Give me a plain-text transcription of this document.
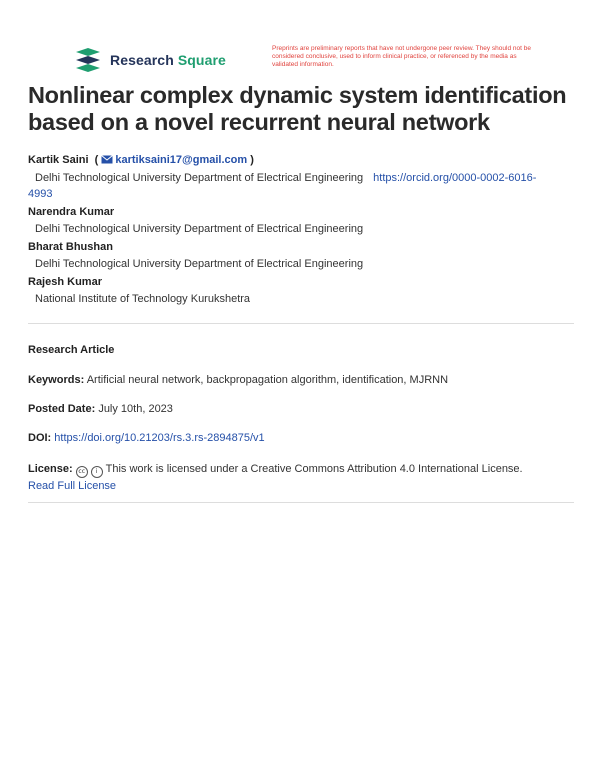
Research Square
Preprints are preliminary reports that have not undergone peer review. They should not be considered conclusive, used to inform clinical practice, or referenced by the media as validated information.
Nonlinear complex dynamic system identification based on a novel recurrent neural network
Kartik Saini  ( kartiksaini17@gmail.com )
Delhi Technological University Department of Electrical Engineering https://orcid.org/0000-0002-6016-
4993
Narendra Kumar
Delhi Technological University Department of Electrical Engineering
Bharat Bhushan
Delhi Technological University Department of Electrical Engineering
Rajesh Kumar
National Institute of Technology Kurukshetra
Research Article
Keywords: Artificial neural network, backpropagation algorithm, identification, MJRNN
Posted Date: July 10th, 2023
DOI: https://doi.org/10.21203/rs.3.rs-2894875/v1
License: cc i This work is licensed under a Creative Commons Attribution 4.0 International License.
Read Full License
